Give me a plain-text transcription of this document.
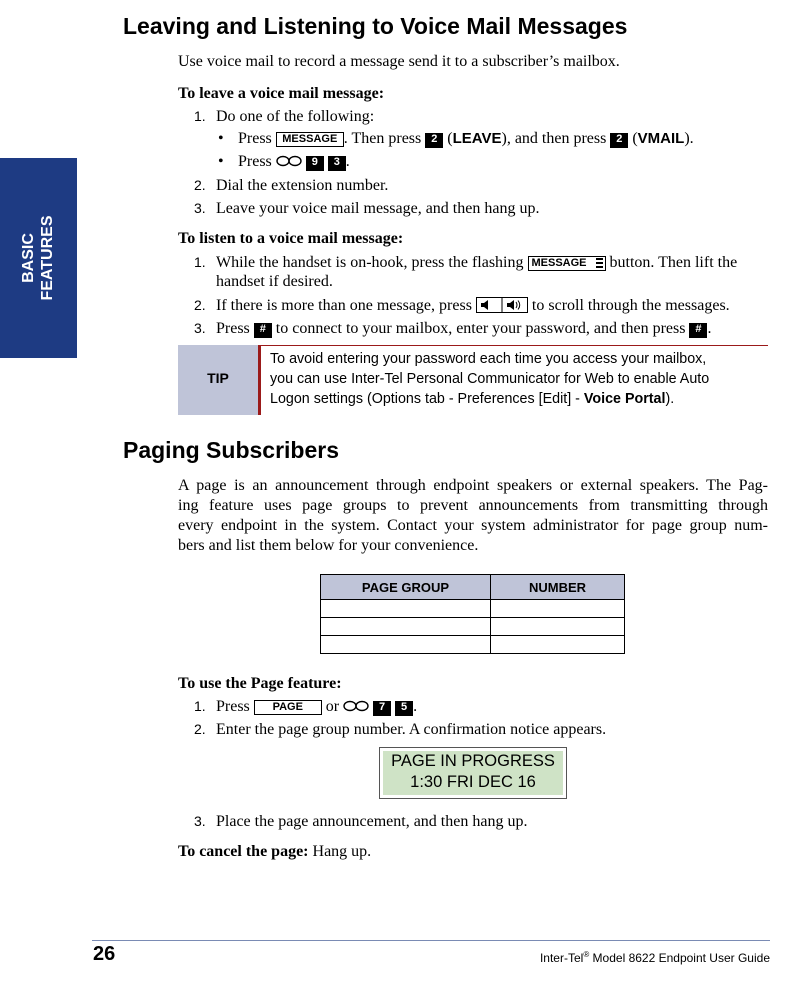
BASIC FEATURES
Leaving and Listening to Voice Mail Messages
Use voice mail to record a message send it to a subscriber’s mailbox.
To leave a voice mail message:
1. Do one of the following:
• Press MESSAGE . Then press 2 (LEAVE), and then press 2 (VMAIL).
• Press	9 3 .
2. Dial the extension number.
3. Leave your voice mail message, and then hang up.
To listen to a voice mail message:
1. While the handset is on-hook, press the flashing MESSAGE button. Then lift the
handset if desired.
2. If there is more than one message, press	to scroll through the messages.
3. Press # to connect to your mailbox, enter your password, and then press # .
TIP
To avoid entering your password each time you access your mailbox,
you can use Inter-Tel Personal Communicator for Web to enable Auto
Logon settings (Options tab - Preferences [Edit] - Voice Portal).
Paging Subscribers
A page is an announcement through endpoint speakers or external speakers. The Pag-
ing feature uses page groups to prevent announcements from transmitting through
every endpoint in the system. Contact your system administrator for page group num-
bers and list them below for your convenience.
PAGE GROUP	NUMBER

To use the Page feature:
1. Press PAGE or	7 5 .
2. Enter the page group number. A confirmation notice appears.
PAGE IN PROGRESS
1:30 FRI DEC 16
3. Place the page announcement, and then hang up.
To cancel the page: Hang up.
26	Inter-Tel® Model 8622 Endpoint User Guide
